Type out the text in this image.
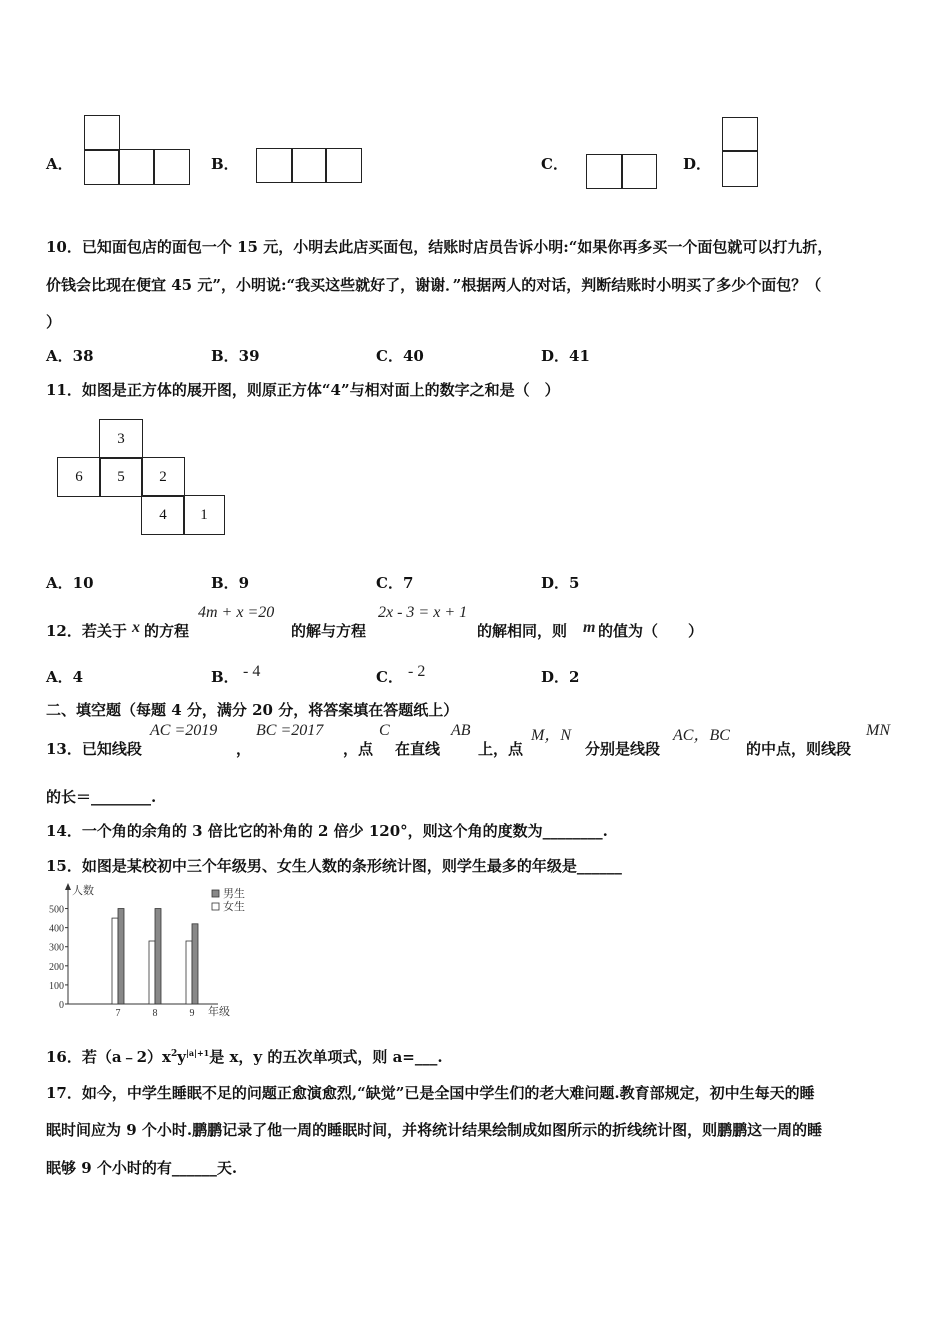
A．	B．	C．	D．
10．已知面包店的面包一个 15 元，小明去此店买面包，结账时店员告诉小明:“如果你再多买一个面包就可以打九折，
价钱会比现在便宜 45 元”，小明说:“我买这些就好了，谢谢．”根据两人的对话，判断结账时小明买了多少个面包？（
）
A．38	B．39	C．40	D．41
11．如图是正方体的展开图，则原正方体“4”与相对面上的数字之和是（　）
3
6	5	2
4	1
A．10	B．9	C．7	D．5
12．若关于 x 的方程
4m + x =20
的解与方程
2x - 3 = x + 1
的解相同，则 m 的值为（　　）
A．4	B． - 4	C． - 2	D．2
二、填空题（每题 4 分，满分 20 分，将答案填在答题纸上）
13．已知线段
AC =2019
，
BC =2017
，点
C
在直线
AB
上，点
M，N
分别是线段
AC，BC
的中点，则线段
MN
的长＝________.
14．一个角的余角的 3 倍比它的补角的 2 倍少 120°，则这个角的度数为________.
15．如图是某校初中三个年级男、女生人数的条形统计图，则学生最多的年级是______
人数
年级
0
100
200
300
400
500
7	8	9
男生
女生
16．若$(a﹣2)x^2y^{|a|+1}$是 x，y 的五次单项式，则 a=___.
17．如今，中学生睡眠不足的问题正愈演愈烈,“缺觉”已是全国中学生们的老大难问题.教育部规定，初中生每天的睡
眠时间应为 9 个小时.鹏鹏记录了他一周的睡眠时间，并将统计结果绘制成如图所示的折线统计图，则鹏鹏这一周的睡
眠够 9 个小时的有______天.
